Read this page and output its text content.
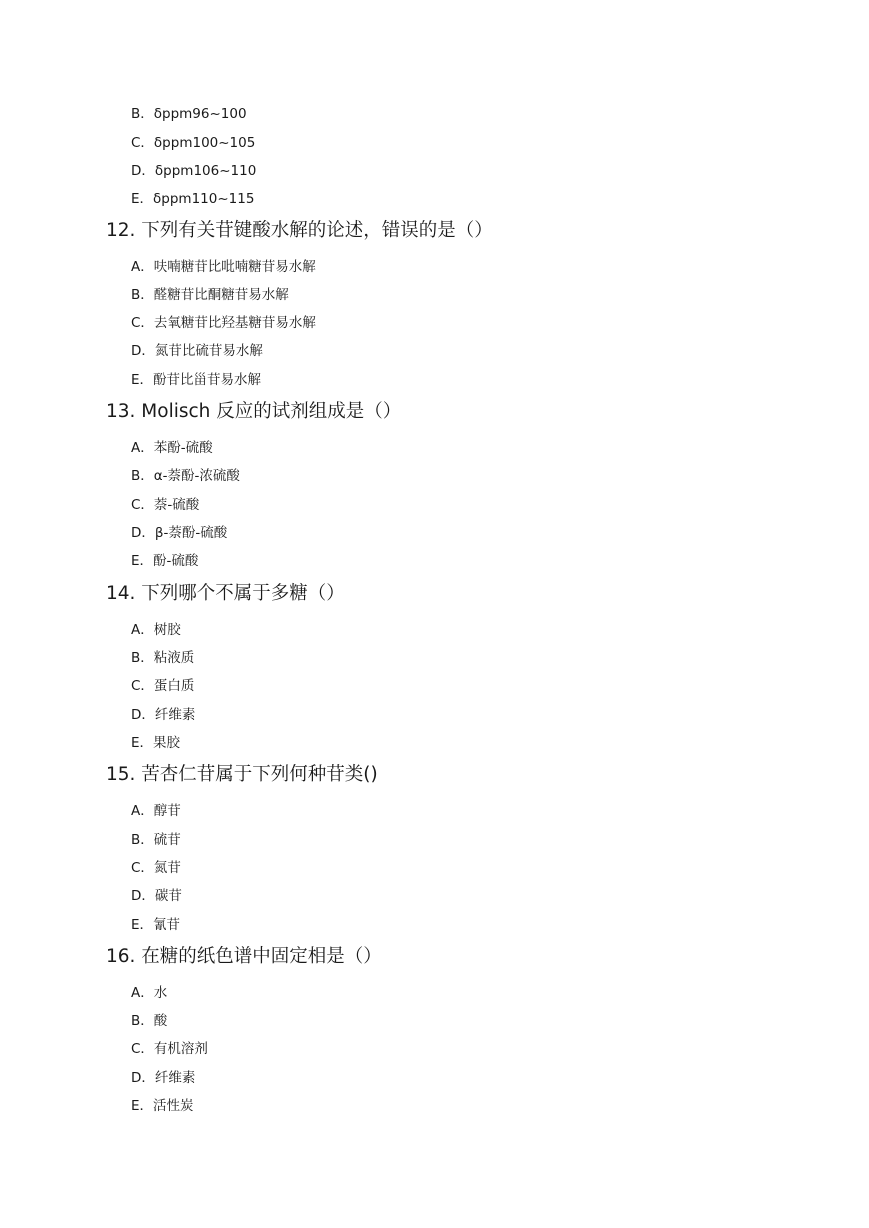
B．δppm96~100
C．δppm100~105
D．δppm106~110
E．δppm110~115
12. 下列有关苷键酸水解的论述，错误的是（）
A．呋喃糖苷比吡喃糖苷易水解
B．醛糖苷比酮糖苷易水解
C．去氧糖苷比羟基糖苷易水解
D．氮苷比硫苷易水解
E．酚苷比甾苷易水解
13. Molisch 反应的试剂组成是（）
A．苯酚-硫酸
B．α-萘酚-浓硫酸
C．萘-硫酸
D．β-萘酚-硫酸
E．酚-硫酸
14. 下列哪个不属于多糖（）
A．树胶
B．粘液质
C．蛋白质
D．纤维素
E．果胶
15. 苦杏仁苷属于下列何种苷类()
A．醇苷
B．硫苷
C．氮苷
D．碳苷
E．氰苷
16. 在糖的纸色谱中固定相是（）
A．水
B．酸
C．有机溶剂
D．纤维素
E．活性炭
